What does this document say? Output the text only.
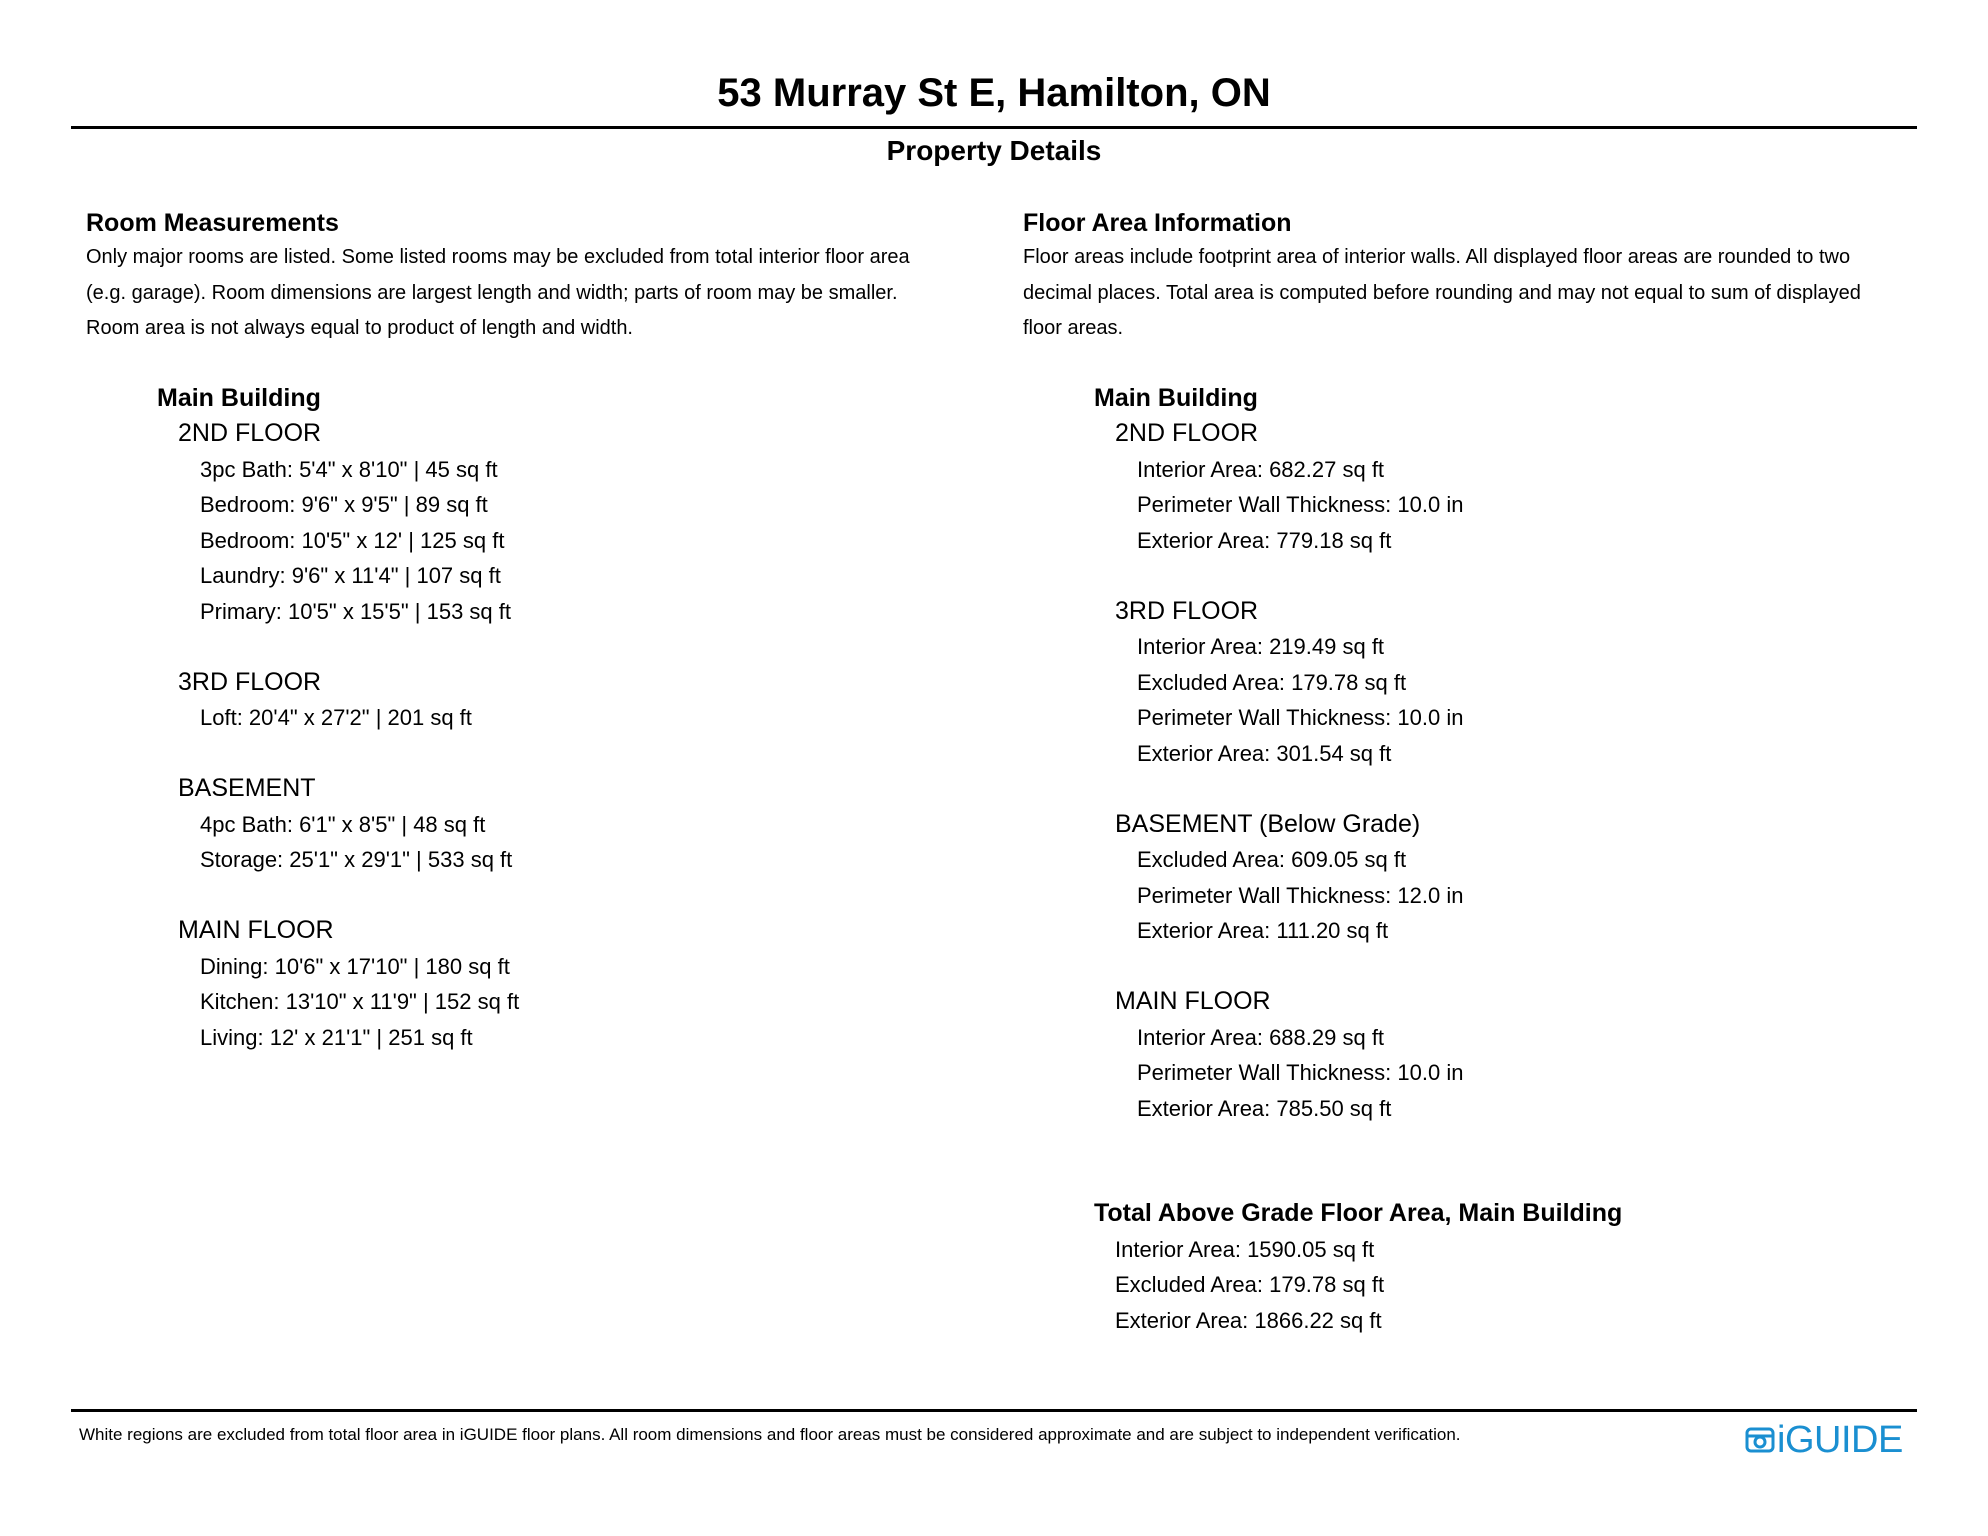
53 Murray St E, Hamilton, ON
Property Details

Room Measurements

Only major rooms are listed. Some listed rooms may be excluded from total interior floor area
(e.g. garage). Room dimensions are largest length and width; parts of room may be smaller.
Room area is not always equal to product of length and width.

Main Building
2ND FLOOR
3pc Bath: 5'4" x 8'10" | 45 sq ft
Bedroom: 9'6" x 9'5" | 89 sq ft
Bedroom: 10'5" x 12' | 125 sq ft
Laundry: 9'6" x 11'4" | 107 sq ft
Primary: 10'5" x 15'5" | 153 sq ft
3RD FLOOR
Loft: 20'4" x 27'2" | 201 sq ft
BASEMENT
4pc Bath: 6'1" x 8'5" | 48 sq ft
Storage: 25'1" x 29'1" | 533 sq ft
MAIN FLOOR
Dining: 10'6" x 17'10" | 180 sq ft
Kitchen: 13'10" x 11'9" | 152 sq ft
Living: 12' x 21'1" | 251 sq ft

Floor Area Information

Floor areas include footprint area of interior walls. All displayed floor areas are rounded to two
decimal places. Total area is computed before rounding and may not equal to sum of displayed
floor areas.

Main Building
2ND FLOOR
Interior Area: 682.27 sq ft
Perimeter Wall Thickness: 10.0 in
Exterior Area: 779.18 sq ft
3RD FLOOR
Interior Area: 219.49 sq ft
Excluded Area: 179.78 sq ft
Perimeter Wall Thickness: 10.0 in
Exterior Area: 301.54 sq ft
BASEMENT (Below Grade)
Excluded Area: 609.05 sq ft
Perimeter Wall Thickness: 12.0 in
Exterior Area: 111.20 sq ft
MAIN FLOOR
Interior Area: 688.29 sq ft
Perimeter Wall Thickness: 10.0 in
Exterior Area: 785.50 sq ft
Total Above Grade Floor Area, Main Building
Interior Area: 1590.05 sq ft
Excluded Area: 179.78 sq ft
Exterior Area: 1866.22 sq ft
White regions are excluded from total floor area in iGUIDE floor plans. All room dimensions and floor areas must be considered approximate and are subject to independent verification.	iGUIDE
